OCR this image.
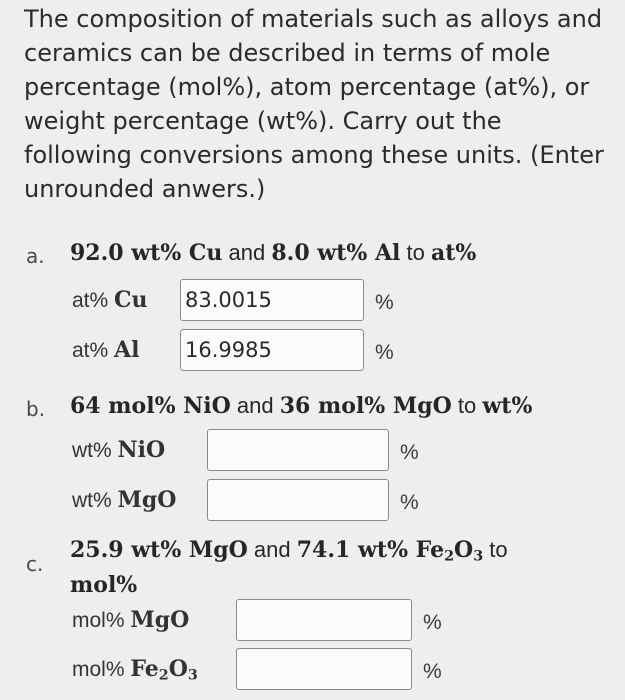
The composition of materials such as alloys and ceramics can be described in terms of mole percentage (mol%), atom percentage (at%), or weight percentage (wt%). Carry out the following conversions among these units. (Enter unrounded anwers.)
a. 92.0 wt% Cu and 8.0 wt% Al to at%
at% Cu
83.0015	%
at% Al
16.9985	%
b. 64 mol% NiO and 36 mol% MgO to wt%
wt% NiO	%
wt% MgO	%
c.
25.9 wt% MgO and 74.1 wt% $Fe_2O_3$ to
mol%
mol% MgO	%
mol% $Fe_2O_3$	%
